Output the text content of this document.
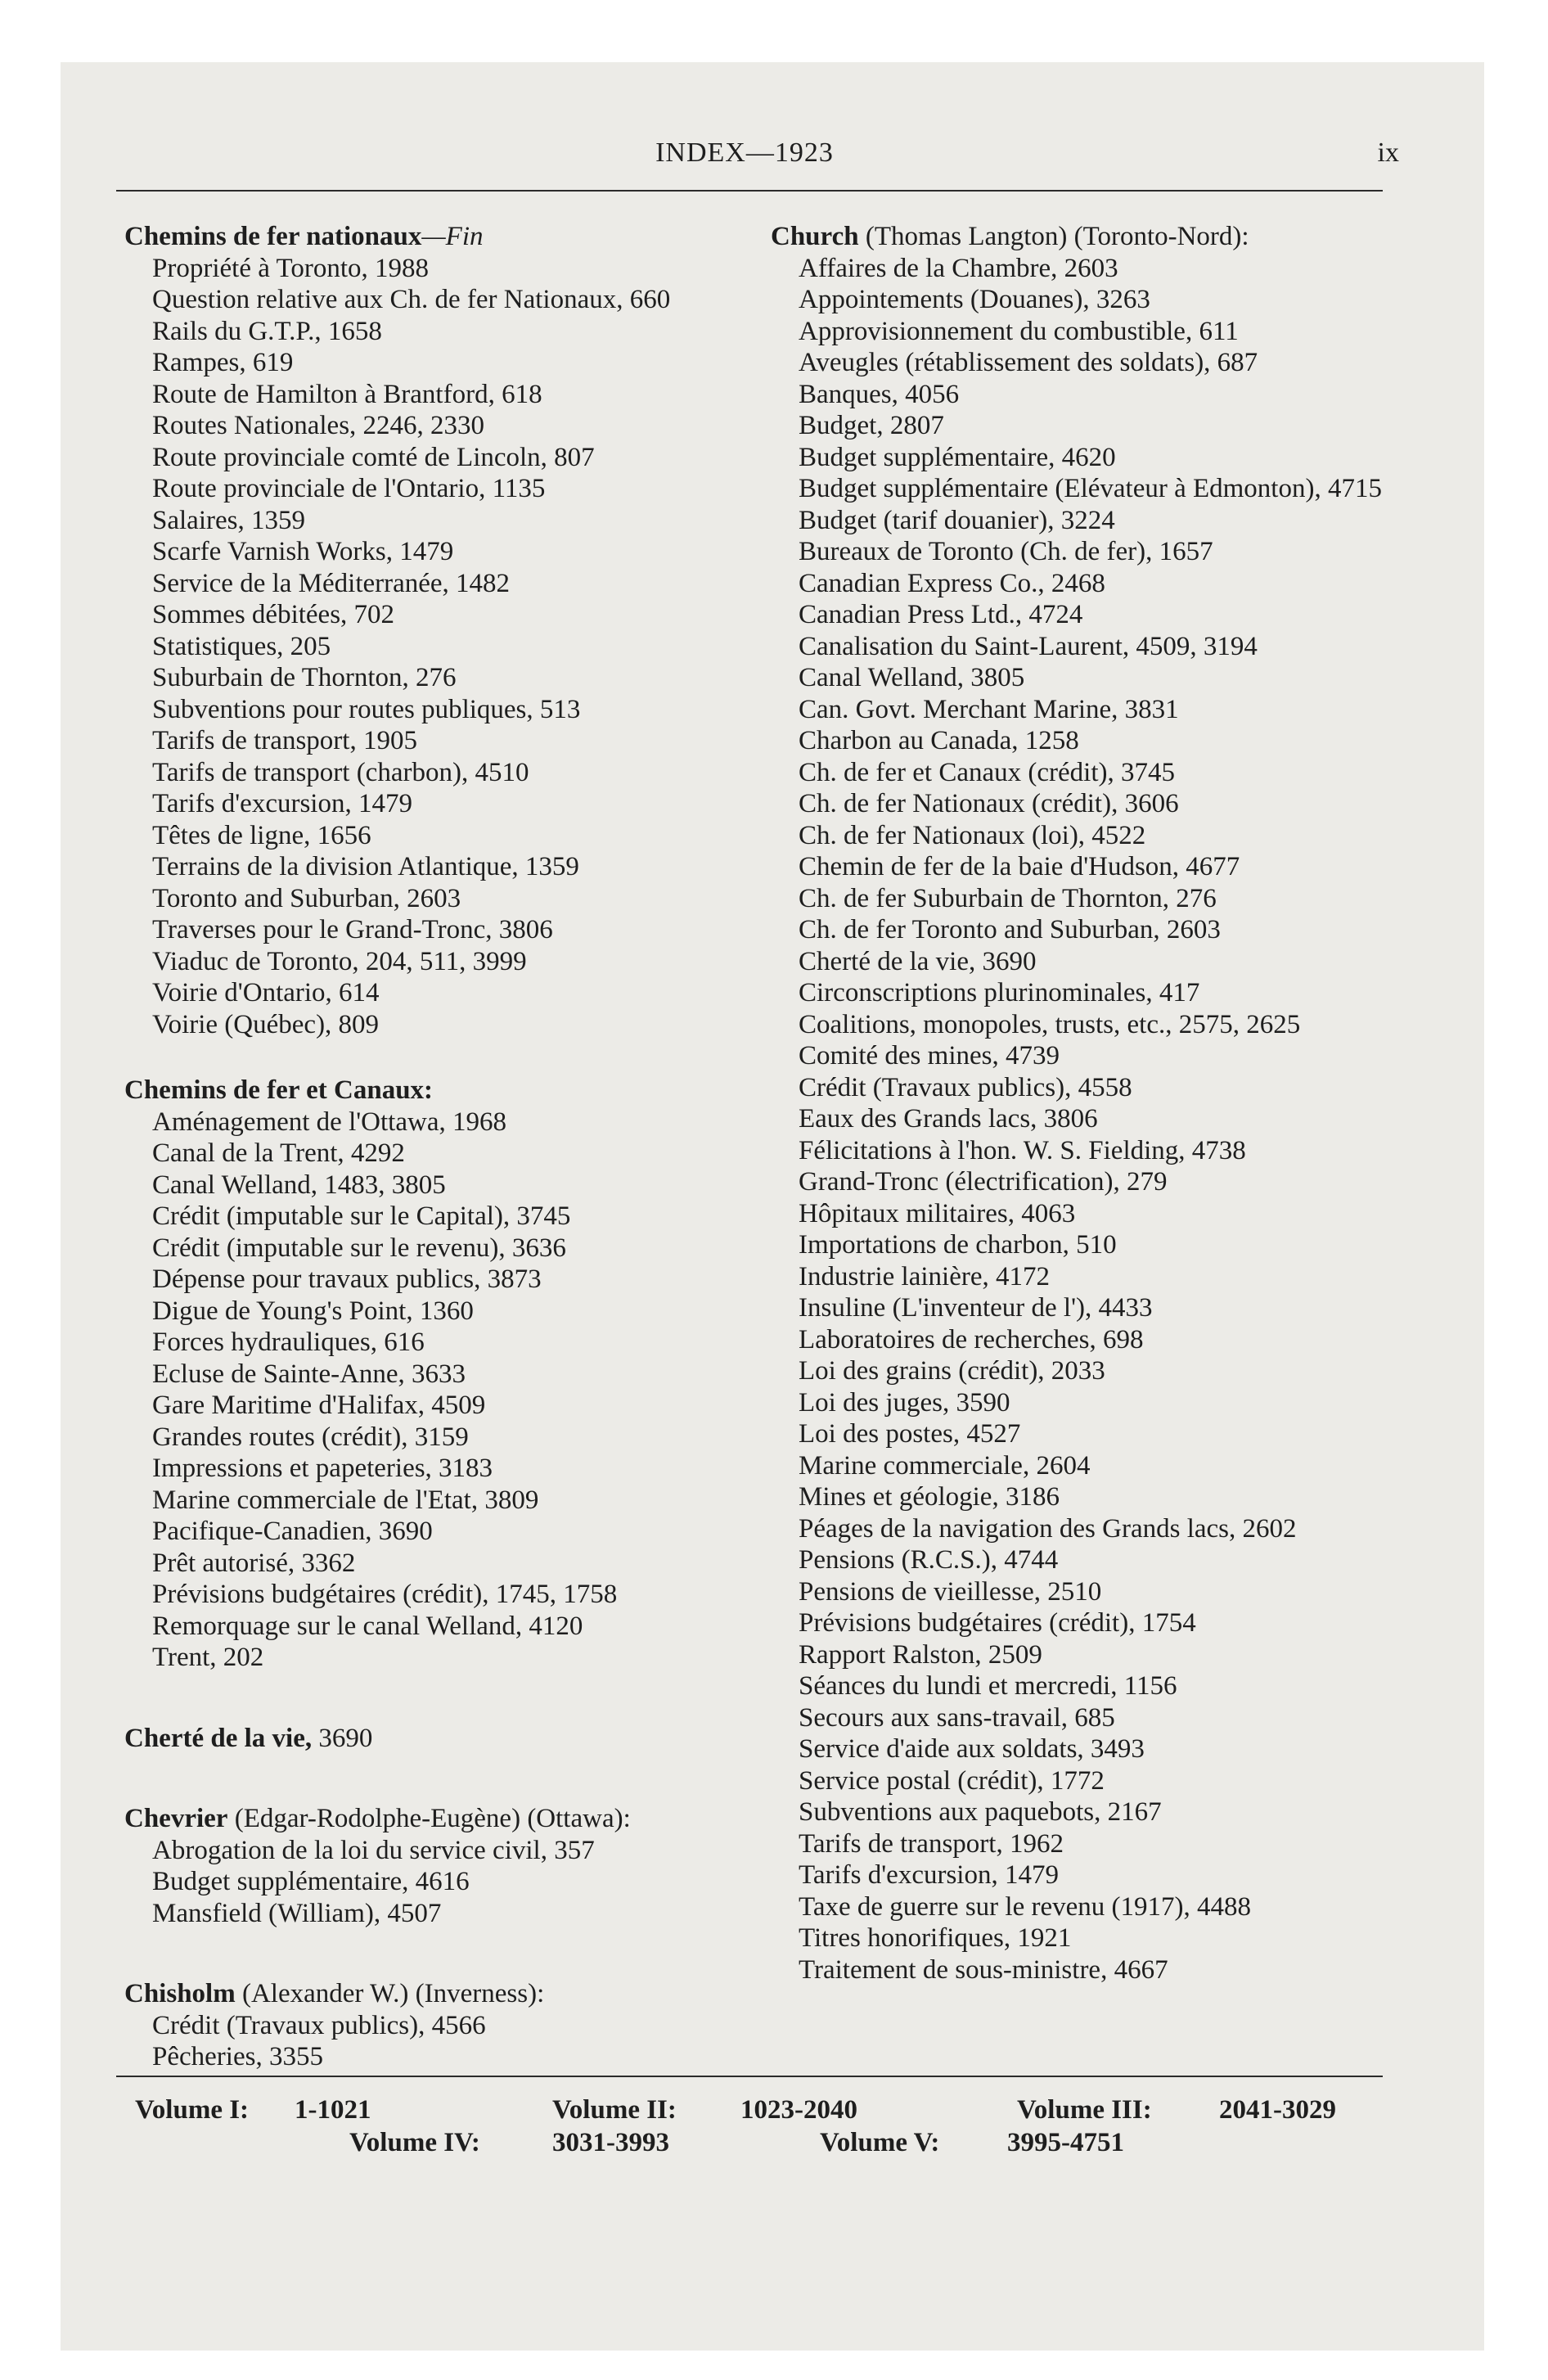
INDEX—1923	ix
Chemins de fer nationaux—Fin
Propriété à Toronto, 1988
Question relative aux Ch. de fer Nationaux, 660
Rails du G.T.P., 1658
Rampes, 619
Route de Hamilton à Brantford, 618
Routes Nationales, 2246, 2330
Route provinciale comté de Lincoln, 807
Route provinciale de l'Ontario, 1135
Salaires, 1359
Scarfe Varnish Works, 1479
Service de la Méditerranée, 1482
Sommes débitées, 702
Statistiques, 205
Suburbain de Thornton, 276
Subventions pour routes publiques, 513
Tarifs de transport, 1905
Tarifs de transport (charbon), 4510
Tarifs d'excursion, 1479
Têtes de ligne, 1656
Terrains de la division Atlantique, 1359
Toronto and Suburban, 2603
Traverses pour le Grand-Tronc, 3806
Viaduc de Toronto, 204, 511, 3999
Voirie d'Ontario, 614
Voirie (Québec), 809
Chemins de fer et Canaux:
Aménagement de l'Ottawa, 1968
Canal de la Trent, 4292
Canal Welland, 1483, 3805
Crédit (imputable sur le Capital), 3745
Crédit (imputable sur le revenu), 3636
Dépense pour travaux publics, 3873
Digue de Young's Point, 1360
Forces hydrauliques, 616
Ecluse de Sainte-Anne, 3633
Gare Maritime d'Halifax, 4509
Grandes routes (crédit), 3159
Impressions et papeteries, 3183
Marine commerciale de l'Etat, 3809
Pacifique-Canadien, 3690
Prêt autorisé, 3362
Prévisions budgétaires (crédit), 1745, 1758
Remorquage sur le canal Welland, 4120
Trent, 202
Cherté de la vie, 3690
Chevrier (Edgar-Rodolphe-Eugène) (Ottawa):
Abrogation de la loi du service civil, 357
Budget supplémentaire, 4616
Mansfield (William), 4507
Chisholm (Alexander W.) (Inverness):
Crédit (Travaux publics), 4566
Pêcheries, 3355
Church (Thomas Langton) (Toronto-Nord):
Affaires de la Chambre, 2603
Appointements (Douanes), 3263
Approvisionnement du combustible, 611
Aveugles (rétablissement des soldats), 687
Banques, 4056
Budget, 2807
Budget supplémentaire, 4620
Budget supplémentaire (Elévateur à Edmonton), 4715
Budget (tarif douanier), 3224
Bureaux de Toronto (Ch. de fer), 1657
Canadian Express Co., 2468
Canadian Press Ltd., 4724
Canalisation du Saint-Laurent, 4509, 3194
Canal Welland, 3805
Can. Govt. Merchant Marine, 3831
Charbon au Canada, 1258
Ch. de fer et Canaux (crédit), 3745
Ch. de fer Nationaux (crédit), 3606
Ch. de fer Nationaux (loi), 4522
Chemin de fer de la baie d'Hudson, 4677
Ch. de fer Suburbain de Thornton, 276
Ch. de fer Toronto and Suburban, 2603
Cherté de la vie, 3690
Circonscriptions plurinominales, 417
Coalitions, monopoles, trusts, etc., 2575, 2625
Comité des mines, 4739
Crédit (Travaux publics), 4558
Eaux des Grands lacs, 3806
Félicitations à l'hon. W. S. Fielding, 4738
Grand-Tronc (électrification), 279
Hôpitaux militaires, 4063
Importations de charbon, 510
Industrie lainière, 4172
Insuline (L'inventeur de l'), 4433
Laboratoires de recherches, 698
Loi des grains (crédit), 2033
Loi des juges, 3590
Loi des postes, 4527
Marine commerciale, 2604
Mines et géologie, 3186
Péages de la navigation des Grands lacs, 2602
Pensions (R.C.S.), 4744
Pensions de vieillesse, 2510
Prévisions budgétaires (crédit), 1754
Rapport Ralston, 2509
Séances du lundi et mercredi, 1156
Secours aux sans-travail, 685
Service d'aide aux soldats, 3493
Service postal (crédit), 1772
Subventions aux paquebots, 2167
Tarifs de transport, 1962
Tarifs d'excursion, 1479
Taxe de guerre sur le revenu (1917), 4488
Titres honorifiques, 1921
Traitement de sous-ministre, 4667
Volume I: 1-1021	Volume II: 1023-2040	Volume III: 2041-3029
Volume IV:	3031-3993	Volume V:	3995-4751
